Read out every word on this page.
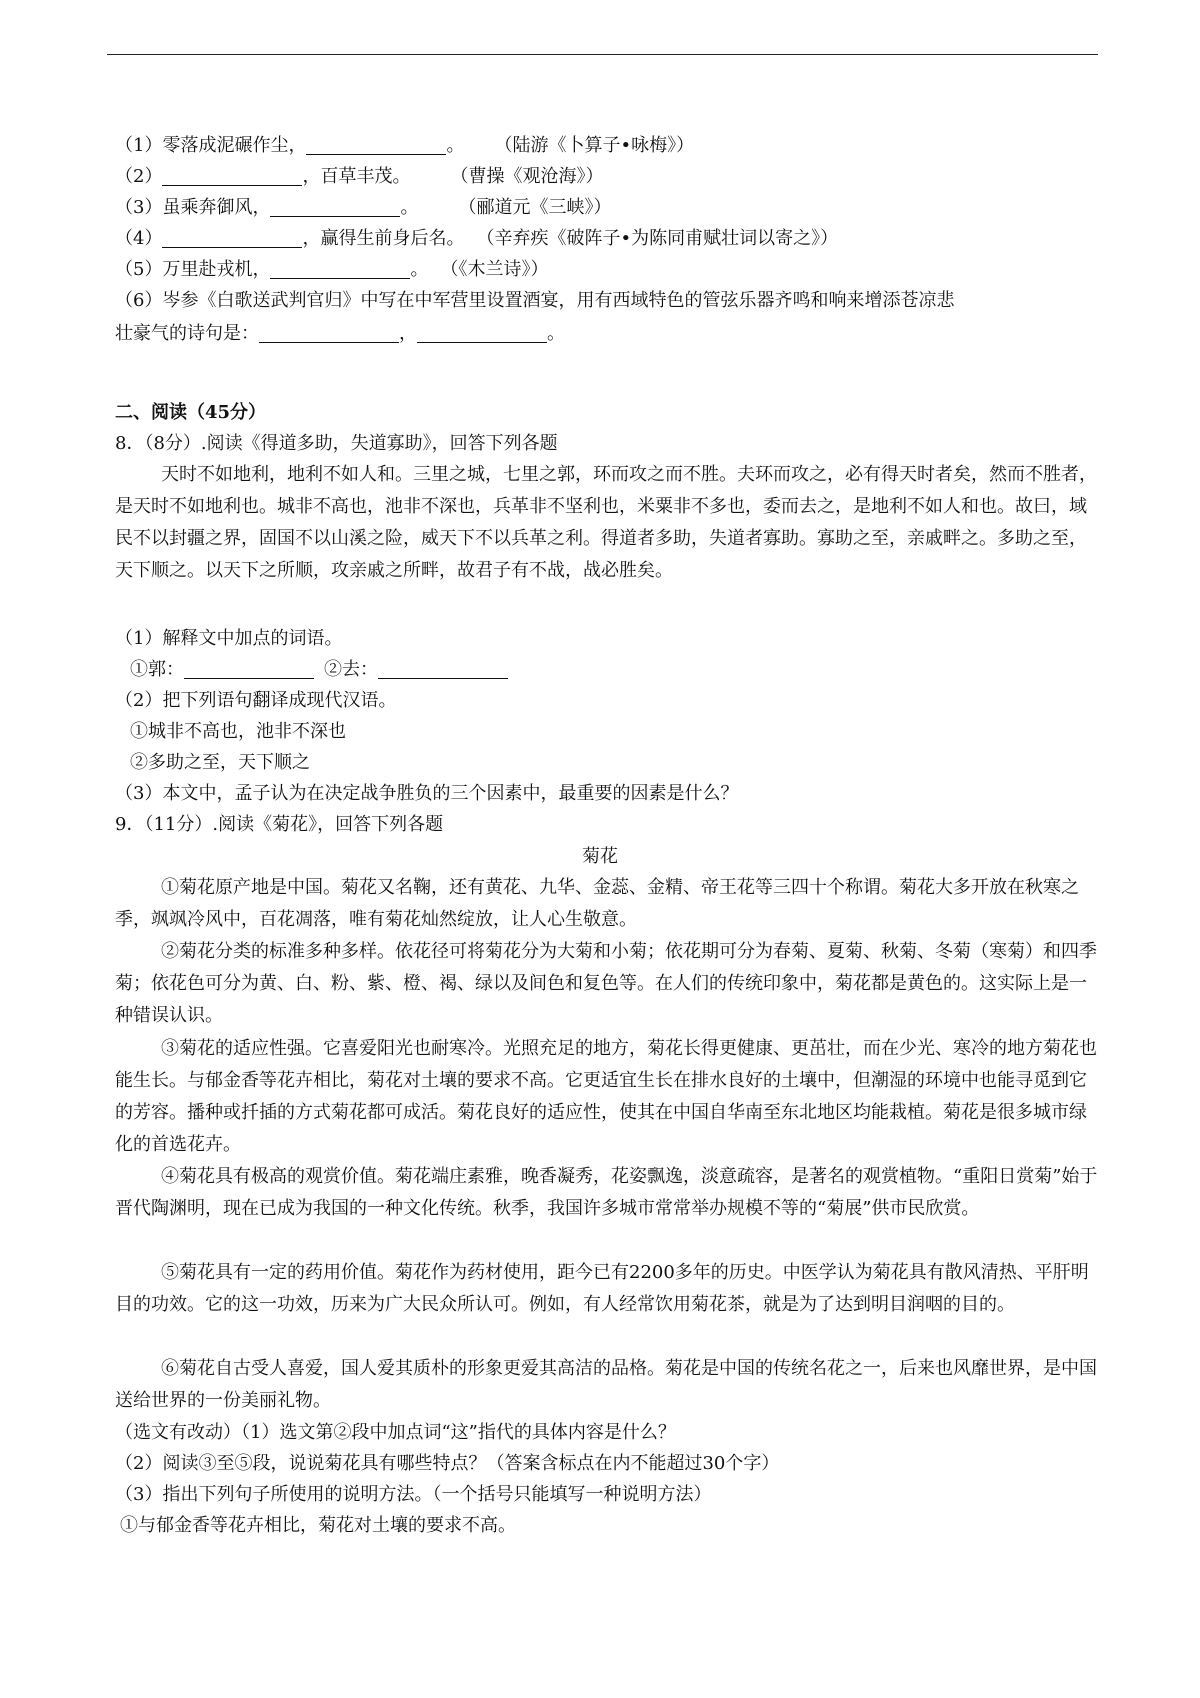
（1）零落成泥碾作尘，	。 （陆游《卜算子•咏梅》）
（2）	，百草丰茂。 （曹操《观沧海》）
（3）虽乘奔御风，	。 （郦道元《三峡》）
（4）	，赢得生前身后名。 （辛弃疾《破阵子•为陈同甫赋壮词以寄之》）
（5）万里赴戎机，	。 （《木兰诗》）
（6）岑参《白歌送武判官归》中写在中军营里设置酒宴，用有西域特色的管弦乐器齐鸣和响来增添苍凉悲
壮豪气的诗句是：	，	。
二、阅读（45分）
8．（8分）.阅读《得道多助，失道寡助》，回答下列各题
天时不如地利，地利不如人和。三里之城，七里之郭，环而攻之而不胜。夫环而攻之，必有得天时者矣，然而不胜者，是天时不如地利也。城非不高也，池非不深也，兵革非不坚利也，米粟非不多也，委而去之，是地利不如人和也。故曰，域民不以封疆之界，固国不以山溪之险，威天下不以兵革之利。得道者多助，失道者寡助。寡助之至，亲戚畔之。多助之至，天下顺之。以天下之所顺，攻亲戚之所畔，故君子有不战，战必胜矣。
（1）解释文中加点的词语。
①郭：	②去：
（2）把下列语句翻译成现代汉语。
①城非不高也，池非不深也
②多助之至，天下顺之
（3）本文中，孟子认为在决定战争胜负的三个因素中，最重要的因素是什么？
9．（11分）.阅读《菊花》，回答下列各题
菊花
①菊花原产地是中国。菊花又名鞠，还有黄花、九华、金蕊、金精、帝王花等三四十个称谓。菊花大多开放在秋寒之季，飒飒冷风中，百花凋落，唯有菊花灿然绽放，让人心生敬意。
②菊花分类的标准多种多样。依花径可将菊花分为大菊和小菊；依花期可分为春菊、夏菊、秋菊、冬菊（寒菊）和四季菊；依花色可分为黄、白、粉、紫、橙、褐、绿以及间色和复色等。在人们的传统印象中，菊花都是黄色的。这实际上是一种错误认识。
③菊花的适应性强。它喜爱阳光也耐寒冷。光照充足的地方，菊花长得更健康、更茁壮，而在少光、寒冷的地方菊花也能生长。与郁金香等花卉相比，菊花对土壤的要求不高。它更适宜生长在排水良好的土壤中，但潮湿的环境中也能寻觅到它的芳容。播种或扦插的方式菊花都可成活。菊花良好的适应性，使其在中国自华南至东北地区均能栽植。菊花是很多城市绿化的首选花卉。
④菊花具有极高的观赏价值。菊花端庄素雅，晚香凝秀，花姿飘逸，淡意疏容，是著名的观赏植物。“重阳日赏菊”始于晋代陶渊明，现在已成为我国的一种文化传统。秋季，我国许多城市常常举办规模不等的“菊展”供市民欣赏。
⑤菊花具有一定的药用价值。菊花作为药材使用，距今已有2200多年的历史。中医学认为菊花具有散风清热、平肝明目的功效。它的这一功效，历来为广大民众所认可。例如，有人经常饮用菊花茶，就是为了达到明目润咽的目的。
⑥菊花自古受人喜爱，国人爱其质朴的形象更爱其高洁的品格。菊花是中国的传统名花之一，后来也风靡世界，是中国送给世界的一份美丽礼物。
（选文有改动）（1）选文第②段中加点词“这”指代的具体内容是什么？
（2）阅读③至⑤段，说说菊花具有哪些特点？（答案含标点在内不能超过30个字）
（3）指出下列句子所使用的说明方法。（一个括号只能填写一种说明方法）
①与郁金香等花卉相比，菊花对土壤的要求不高。
